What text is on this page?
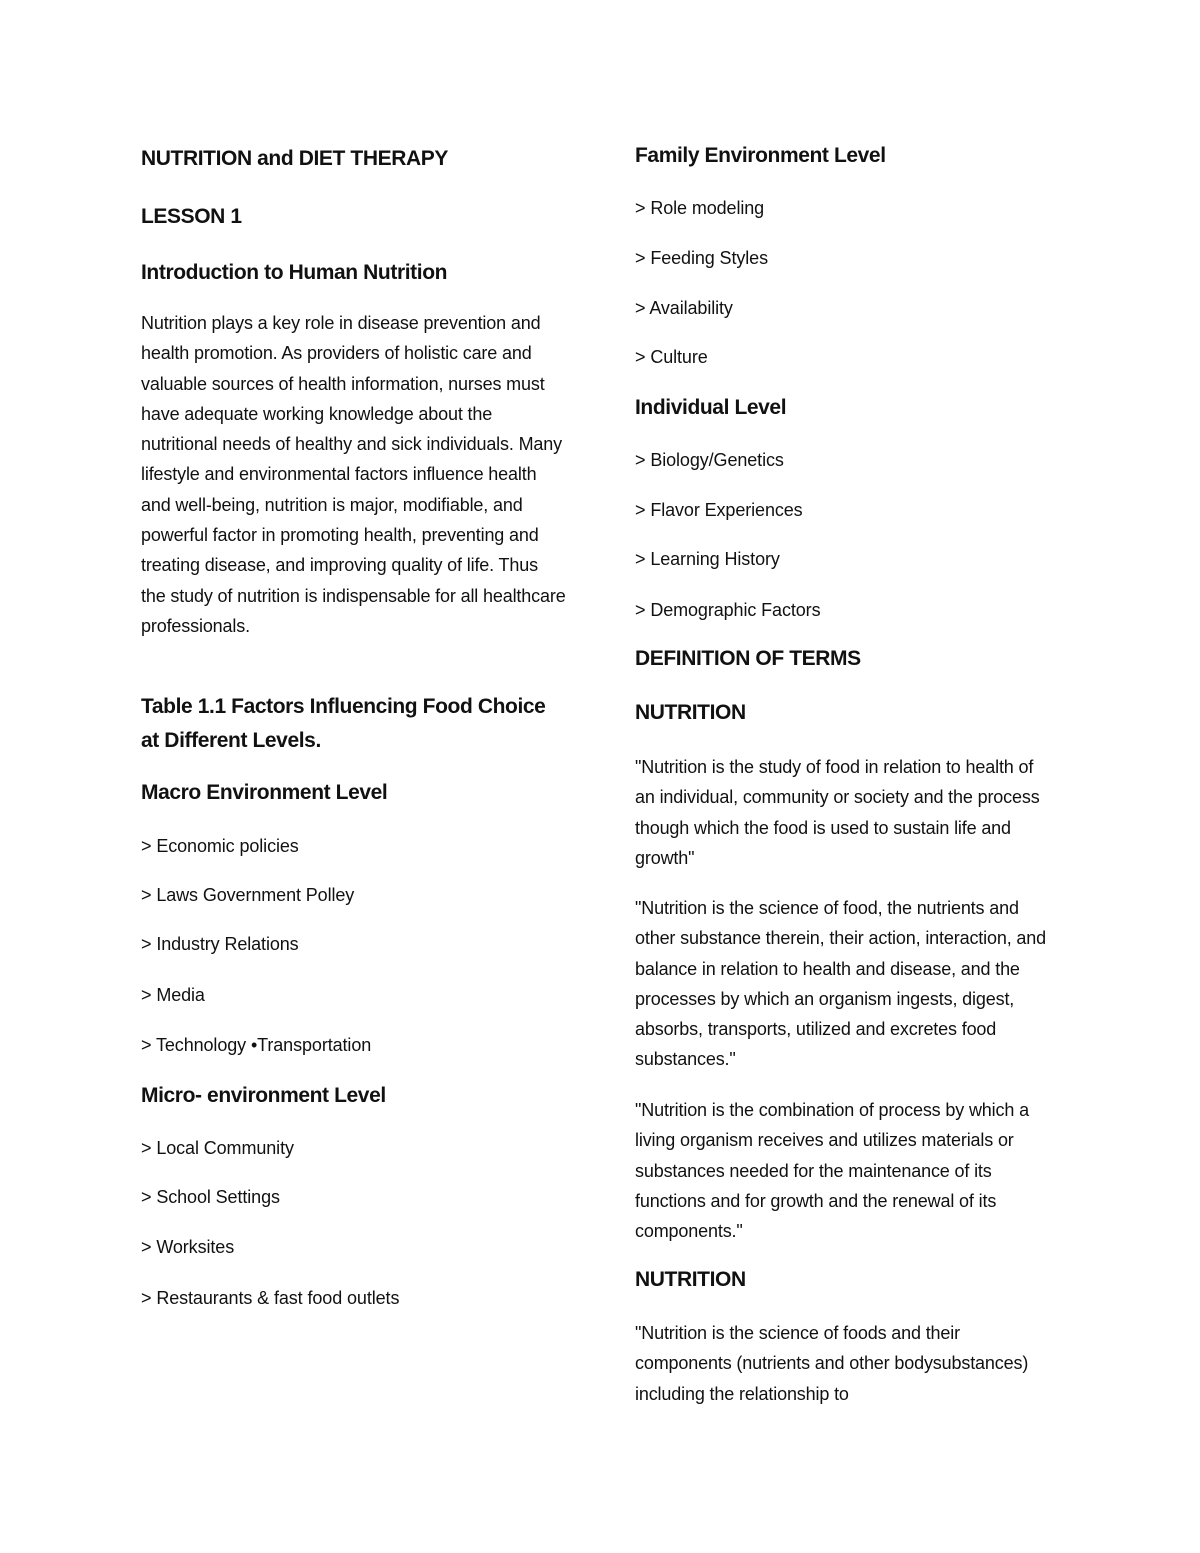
NUTRITION and DIET THERAPY
LESSON 1
Introduction to Human Nutrition

Nutrition plays a key role in disease prevention and health promotion. As providers of holistic care and valuable sources of health information, nurses must have adequate working knowledge about the nutritional needs of healthy and sick individuals. Many lifestyle and environmental factors influence health and well-being, nutrition is major, modifiable, and powerful factor in promoting health, preventing and treating disease, and improving quality of life. Thus the study of nutrition is indispensable for all healthcare professionals.

Table 1.1 Factors Influencing Food Choice at Different Levels.
Macro Environment Level

> Economic policies

> Laws Government Polley

> Industry Relations

> Media

> Technology •Transportation

Micro- environment Level

> Local Community

> School Settings

> Worksites

> Restaurants & fast food outlets

Family Environment Level

> Role modeling

> Feeding Styles

> Availability

> Culture

Individual Level

> Biology/Genetics

> Flavor Experiences

> Learning History

> Demographic Factors

DEFINITION OF TERMS
NUTRITION

"Nutrition is the study of food in relation to health of an individual, community or society and the process though which the food is used to sustain life and growth"

"Nutrition is the science of food, the nutrients and other substance therein, their action, interaction, and balance in relation to health and disease, and the processes by which an organism ingests, digest, absorbs, transports, utilized and excretes food substances."

"Nutrition is the combination of process by which a living organism receives and utilizes materials or substances needed for the maintenance of its functions and for growth and the renewal of its components."

NUTRITION

"Nutrition is the science of foods and their components (nutrients and other bodysubstances) including the relationship to
